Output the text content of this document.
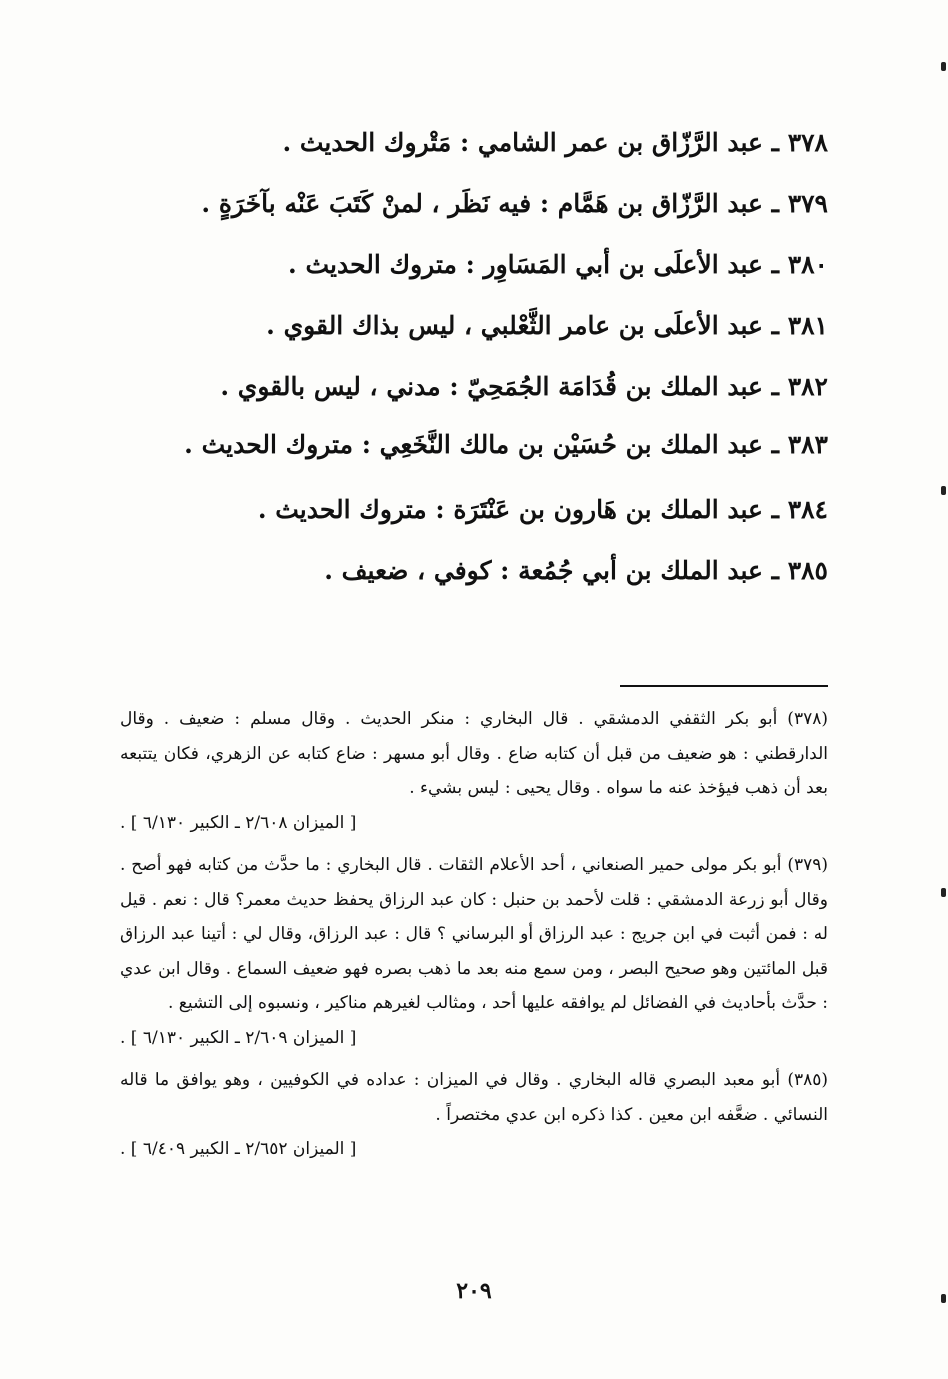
٣٧٨ ـ عبد الرَّزّاق بن عمر الشامي : مَتْروك الحديث .
٣٧٩ ـ عبد الرَّزّاق بن هَمَّام : فيه نَظَر ، لمنْ كَتَبَ عَنْه بآخَرَةٍ .
٣٨٠ ـ عبد الأعلَى بن أبي المَسَاوِر : متروك الحديث .
٣٨١ ـ عبد الأعلَى بن عامر الثَّعْلبي ، ليس بذاك القوي .
٣٨٢ ـ عبد الملك بن قُدَامَة الجُمَحِيّ : مدني ، ليس بالقوي .
٣٨٣ ـ عبد الملك بن حُسَيْن بن مالك النَّخَعِي : متروك الحديث .
٣٨٤ ـ عبد الملك بن هَارون بن عَنْتَرَة : متروك الحديث .
٣٨٥ ـ عبد الملك بن أبي جُمُعة : كوفي ، ضعيف .
(٣٧٨) أبو بكر الثقفي الدمشقي . قال البخاري : منكر الحديث . وقال مسلم : ضعيف . وقال الدارقطني : هو ضعيف من قبل أن كتابه ضاع . وقال أبو مسهر : ضاع كتابه عن الزهري، فكان يتتبعه بعد أن ذهب فيؤخذ عنه ما سواه . وقال يحيى : ليس بشيء .
[ الميزان ٢/٦٠٨ ـ الكبير ٦/١٣٠ ] .
(٣٧٩) أبو بكر مولى حمير الصنعاني ، أحد الأعلام الثقات . قال البخاري : ما حدَّث من كتابه فهو أصح . وقال أبو زرعة الدمشقي : قلت لأحمد بن حنبل : كان عبد الرزاق يحفظ حديث معمر؟ قال : نعم . قيل له : فمن أثبت في ابن جريج : عبد الرزاق أو البرساني ؟ قال : عبد الرزاق، وقال لي : أتينا عبد الرزاق قبل المائتين وهو صحيح البصر ، ومن سمع منه بعد ما ذهب بصره فهو ضعيف السماع . وقال ابن عدي : حدَّث بأحاديث في الفضائل لم يوافقه عليها أحد ، ومثالب لغيرهم مناكير ، ونسبوه إلى التشيع .
[ الميزان ٢/٦٠٩ ـ الكبير ٦/١٣٠ ] .
(٣٨٥) أبو معبد البصري قاله البخاري . وقال في الميزان : عداده في الكوفيين ، وهو يوافق ما قاله النسائي . ضعَّفه ابن معين . كذا ذكره ابن عدي مختصراً .
[ الميزان ٢/٦٥٢ ـ الكبير ٦/٤٠٩ ] .
٢٠٩
